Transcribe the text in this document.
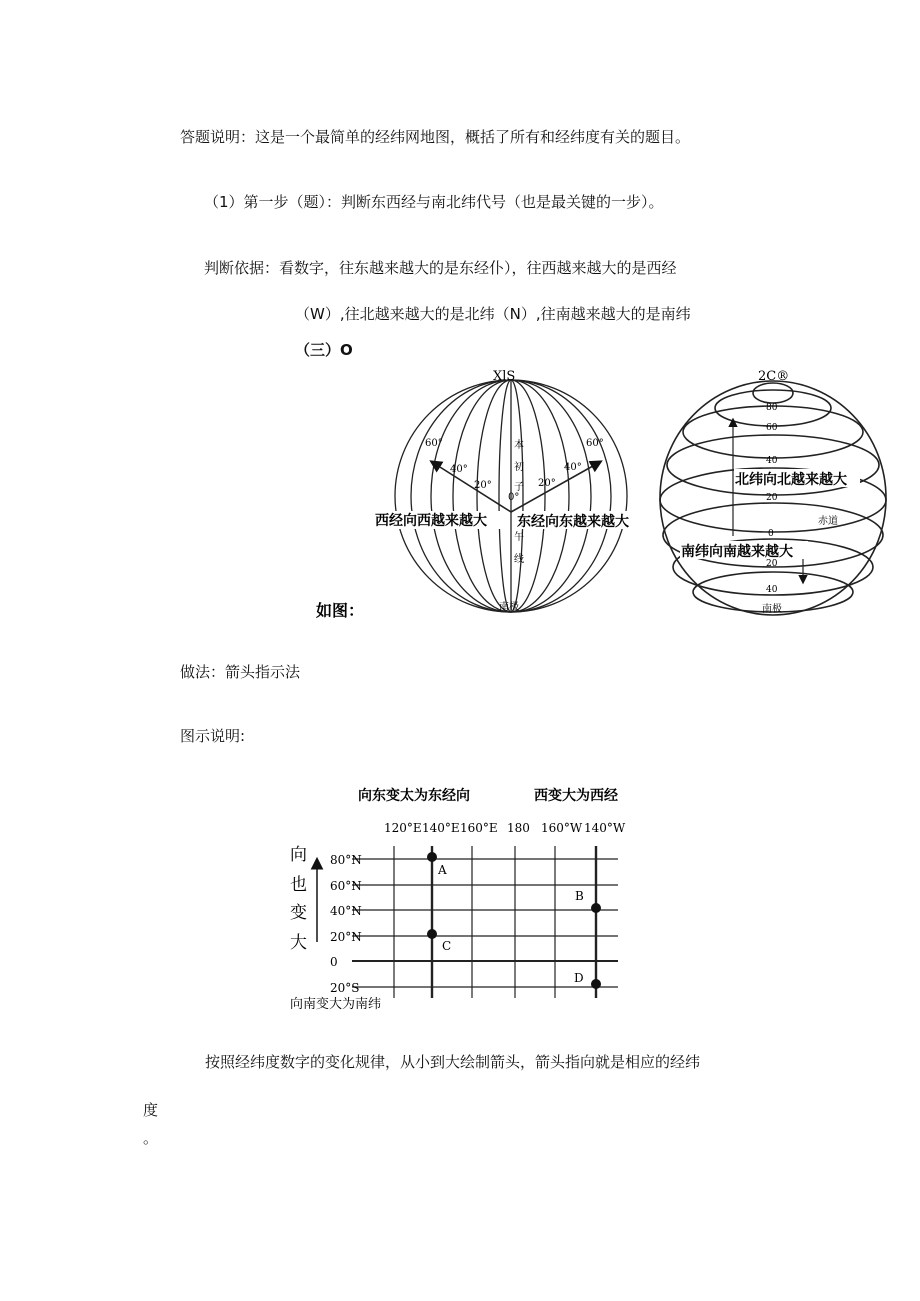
答题说明：这是一个最简单的经纬网地图，概括了所有和经纬度有关的题目。
（1）第一步（题）：判断东西经与南北纬代号（也是最关键的一步）。
判断依据：看数字，往东越来越大的是东经仆），往西越来越大的是西经
（W）,往北越来越大的是北纬（N）,往南越来越大的是南纬
（三）O
XlS
南极
本
初
子
午
线
0°
60°
40°
20°	20°
40°
60°
西经向西越来越大 东经向东越来越大
如图：
2C®
南极
80
60
40
20
0
20
40
北纬向北越来越大
赤道
南纬向南越来越大
做法：箭头指示法
图示说明:
向东变太为东经向	西变大为西经
120°E 140°E 160°E 180 160°W 140°W
80°N
60°N
40°N
20°N
0
20°S
向
也
变
大
向南变大为南纬
A
B
C
D
按照经纬度数字的变化规律，从小到大绘制箭头，箭头指向就是相应的经纬
度
。
